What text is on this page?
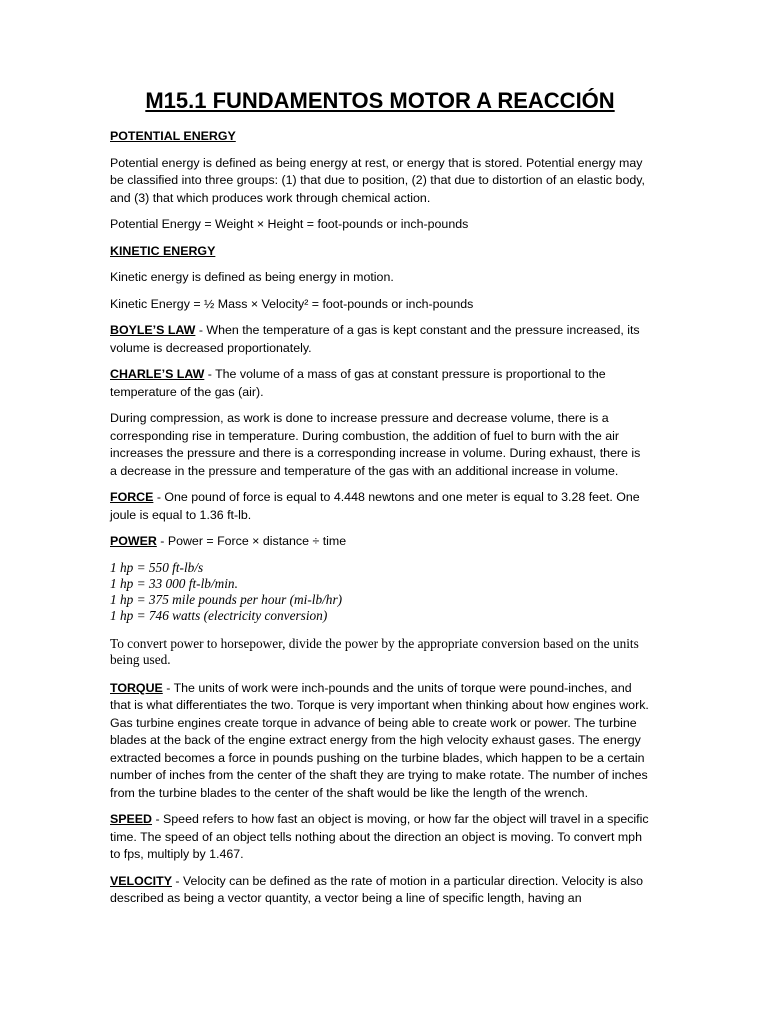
M15.1 FUNDAMENTOS MOTOR A REACCIÓN
POTENTIAL ENERGY

Potential energy is defined as being energy at rest, or energy that is stored. Potential energy may be classified into three groups: (1) that due to position, (2) that due to distortion of an elastic body, and (3) that which produces work through chemical action.

Potential Energy = Weight × Height = foot-pounds or inch-pounds

KINETIC ENERGY

Kinetic energy is defined as being energy in motion.

Kinetic Energy = ½ Mass × Velocity² = foot-pounds or inch-pounds

BOYLE’S LAW - When the temperature of a gas is kept constant and the pressure increased, its volume is decreased proportionately.

CHARLE’S LAW - The volume of a mass of gas at constant pressure is proportional to the temperature of the gas (air).

During compression, as work is done to increase pressure and decrease volume, there is a corresponding rise in temperature. During combustion, the addition of fuel to burn with the air increases the pressure and there is a corresponding increase in volume. During exhaust, there is a decrease in the pressure and temperature of the gas with an additional increase in volume.

FORCE - One pound of force is equal to 4.448 newtons and one meter is equal to 3.28 feet. One joule is equal to 1.36 ft-lb.

POWER - Power = Force × distance ÷ time

1 hp = 550 ft-lb/s
1 hp = 33 000 ft-lb/min.
1 hp = 375 mile pounds per hour (mi-lb/hr)
1 hp = 746 watts (electricity conversion)
To convert power to horsepower, divide the power by the appropriate conversion based on the units being used.

TORQUE - The units of work were inch-pounds and the units of torque were pound-inches, and that is what differentiates the two. Torque is very important when thinking about how engines work. Gas turbine engines create torque in advance of being able to create work or power. The turbine blades at the back of the engine extract energy from the high velocity exhaust gases. The energy extracted becomes a force in pounds pushing on the turbine blades, which happen to be a certain number of inches from the center of the shaft they are trying to make rotate. The number of inches from the turbine blades to the center of the shaft would be like the length of the wrench.

SPEED - Speed refers to how fast an object is moving, or how far the object will travel in a specific time. The speed of an object tells nothing about the direction an object is moving. To convert mph to fps, multiply by 1.467.

VELOCITY - Velocity can be defined as the rate of motion in a particular direction. Velocity is also described as being a vector quantity, a vector being a line of specific length, having an
